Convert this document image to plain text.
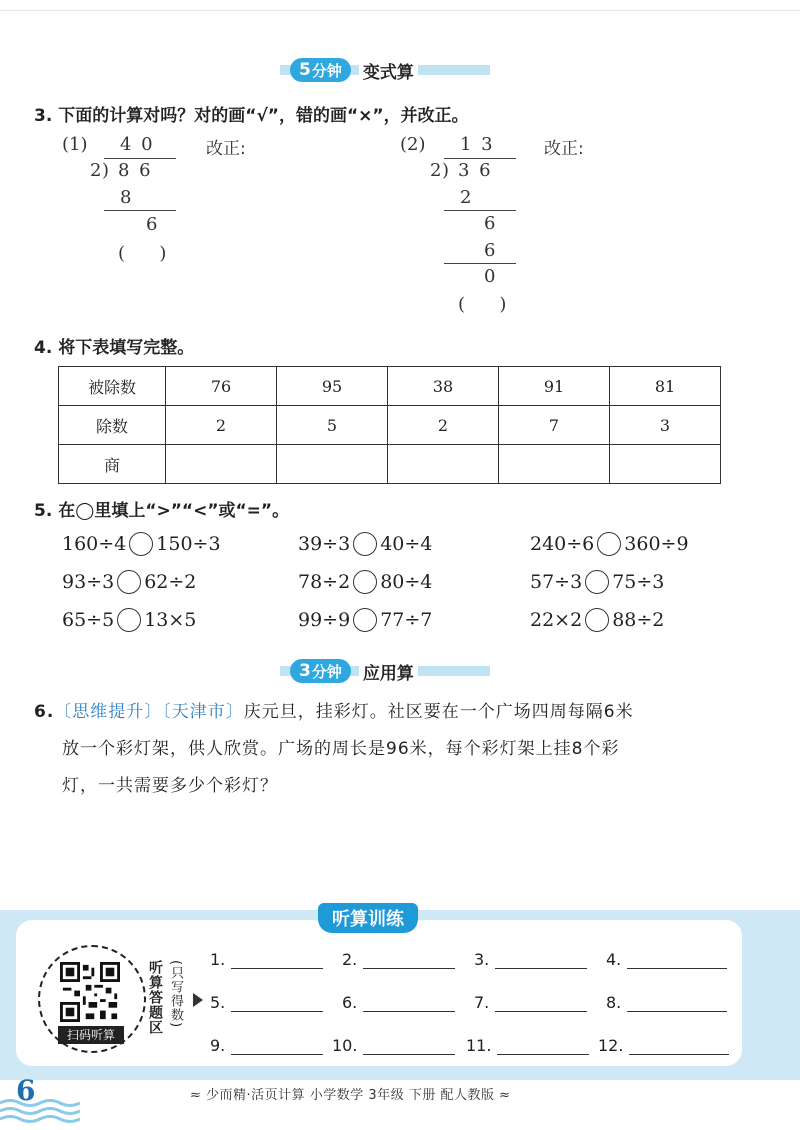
5 分钟 变式算
3. 下面的计算对吗？对的画“√”，错的画“×”，并改正。
(1) 4 0
2 ) 8 6
8
6
(      )
改正:	(2) 1 3
2 ) 3 6
2
6
6
0
(      )
改正:
4. 将下表填写完整。
被除数	76	95	38	91	81
除数	2	5	2	7	3
商					
5. 在◯里填上“>”“<”或“=”。
160÷4 150÷3	39÷3 40÷4	240÷6 360÷9
93÷3 62÷2	78÷2 80÷4	57÷3 75÷3
65÷5 13×5	99÷9 77÷7	22×2 88÷2
3 分钟 应用算
6.〔思维提升〕〔天津市〕庆元旦，挂彩灯。社区要在一个广场四周每隔6米
放一个彩灯架，供人欣赏。广场的周长是96米，每个彩灯架上挂8个彩
灯，一共需要多少个彩灯？
听算训练
扫码听算	听算答题区 (只写得数)
1.	2.	3.	4.
5.	6.	7.	8.
9.	10.	11.	12.
6	≈ 少而精·活页计算 小学数学 3年级 下册 配人教版 ≈
